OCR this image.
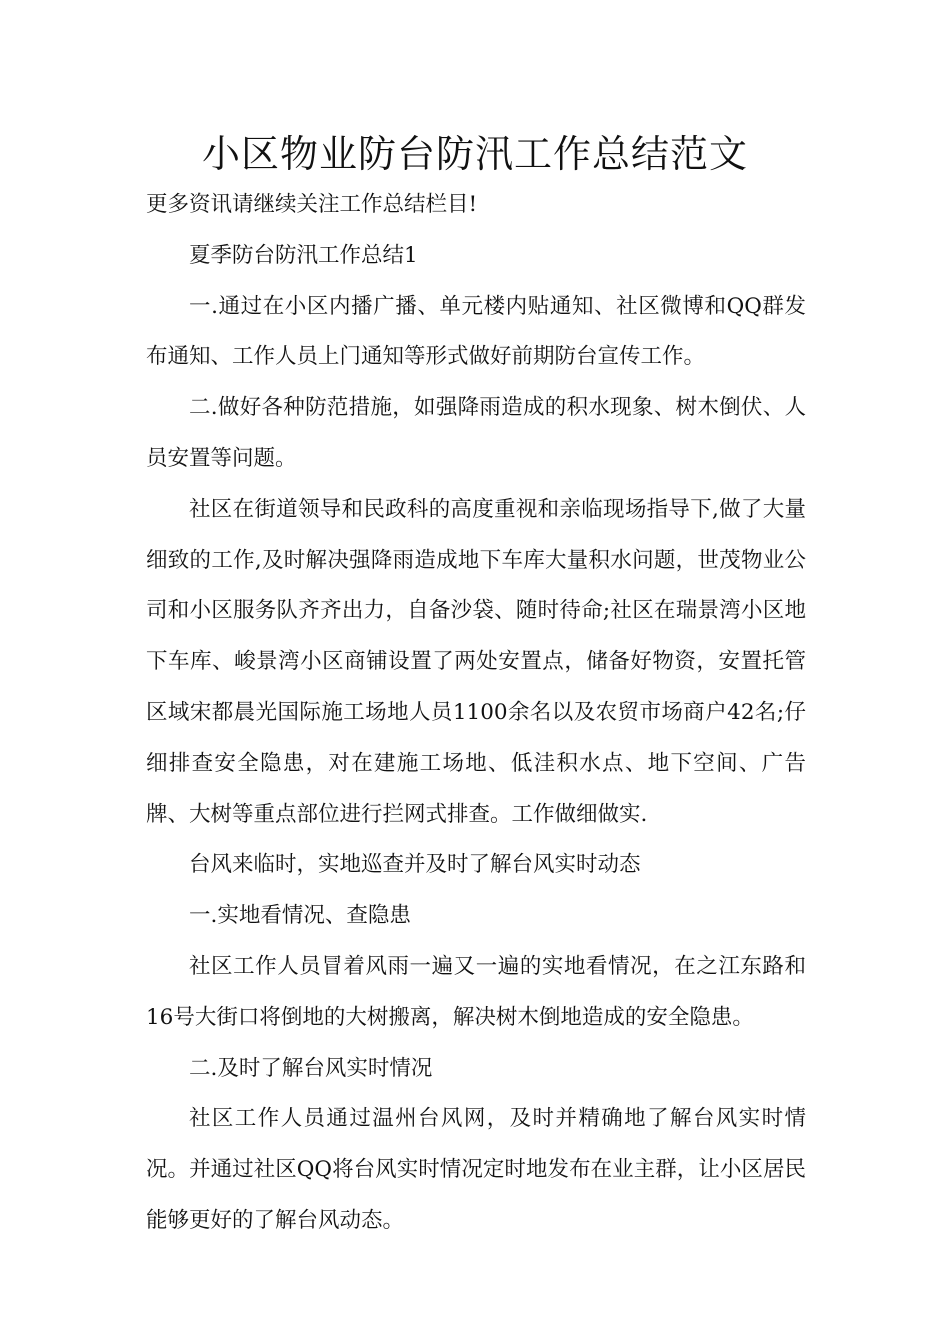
小区物业防台防汛工作总结范文

更多资讯请继续关注工作总结栏目!

夏季防台防汛工作总结1

一.通过在小区内播广播、单元楼内贴通知、社区微博和QQ群发布通知、工作人员上门通知等形式做好前期防台宣传工作。

二.做好各种防范措施，如强降雨造成的积水现象、树木倒伏、人员安置等问题。

社区在街道领导和民政科的高度重视和亲临现场指导下,做了大量细致的工作,及时解决强降雨造成地下车库大量积水问题，世茂物业公司和小区服务队齐齐出力，自备沙袋、随时待命;社区在瑞景湾小区地下车库、峻景湾小区商铺设置了两处安置点，储备好物资，安置托管区域宋都晨光国际施工场地人员1100余名以及农贸市场商户42名;仔细排查安全隐患，对在建施工场地、低洼积水点、地下空间、广告牌、大树等重点部位进行拦网式排查。工作做细做实.

台风来临时，实地巡查并及时了解台风实时动态

一.实地看情况、查隐患

社区工作人员冒着风雨一遍又一遍的实地看情况，在之江东路和16号大街口将倒地的大树搬离，解决树木倒地造成的安全隐患。

二.及时了解台风实时情况

社区工作人员通过温州台风网，及时并精确地了解台风实时情况。并通过社区QQ将台风实时情况定时地发布在业主群，让小区居民能够更好的了解台风动态。
